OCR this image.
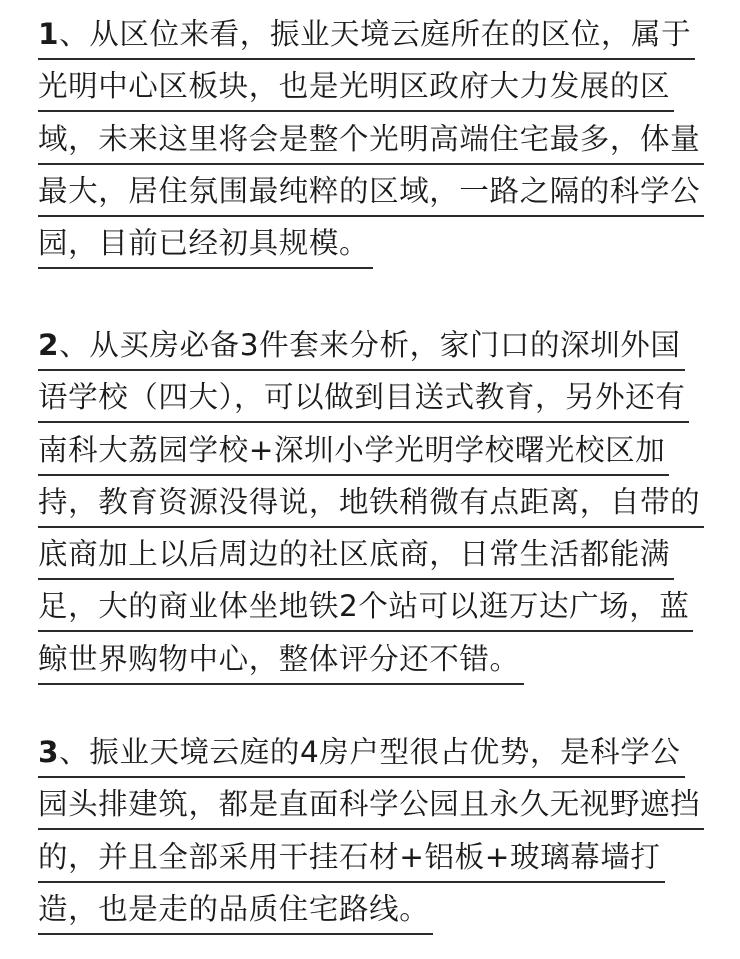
1、从区位来看，振业天境云庭所在的区位，属于
光明中心区板块，也是光明区政府大力发展的区
域，未来这里将会是整个光明高端住宅最多，体量
最大，居住氛围最纯粹的区域，一路之隔的科学公
园，目前已经初具规模。
2、从买房必备3件套来分析，家门口的深圳外国
语学校（四大），可以做到目送式教育，另外还有
南科大荔园学校+深圳小学光明学校曙光校区加
持，教育资源没得说，地铁稍微有点距离，自带的
底商加上以后周边的社区底商，日常生活都能满
足，大的商业体坐地铁2个站可以逛万达广场，蓝
鲸世界购物中心，整体评分还不错。
3、振业天境云庭的4房户型很占优势，是科学公
园头排建筑，都是直面科学公园且永久无视野遮挡
的，并且全部采用干挂石材+铝板+玻璃幕墙打
造，也是走的品质住宅路线。
